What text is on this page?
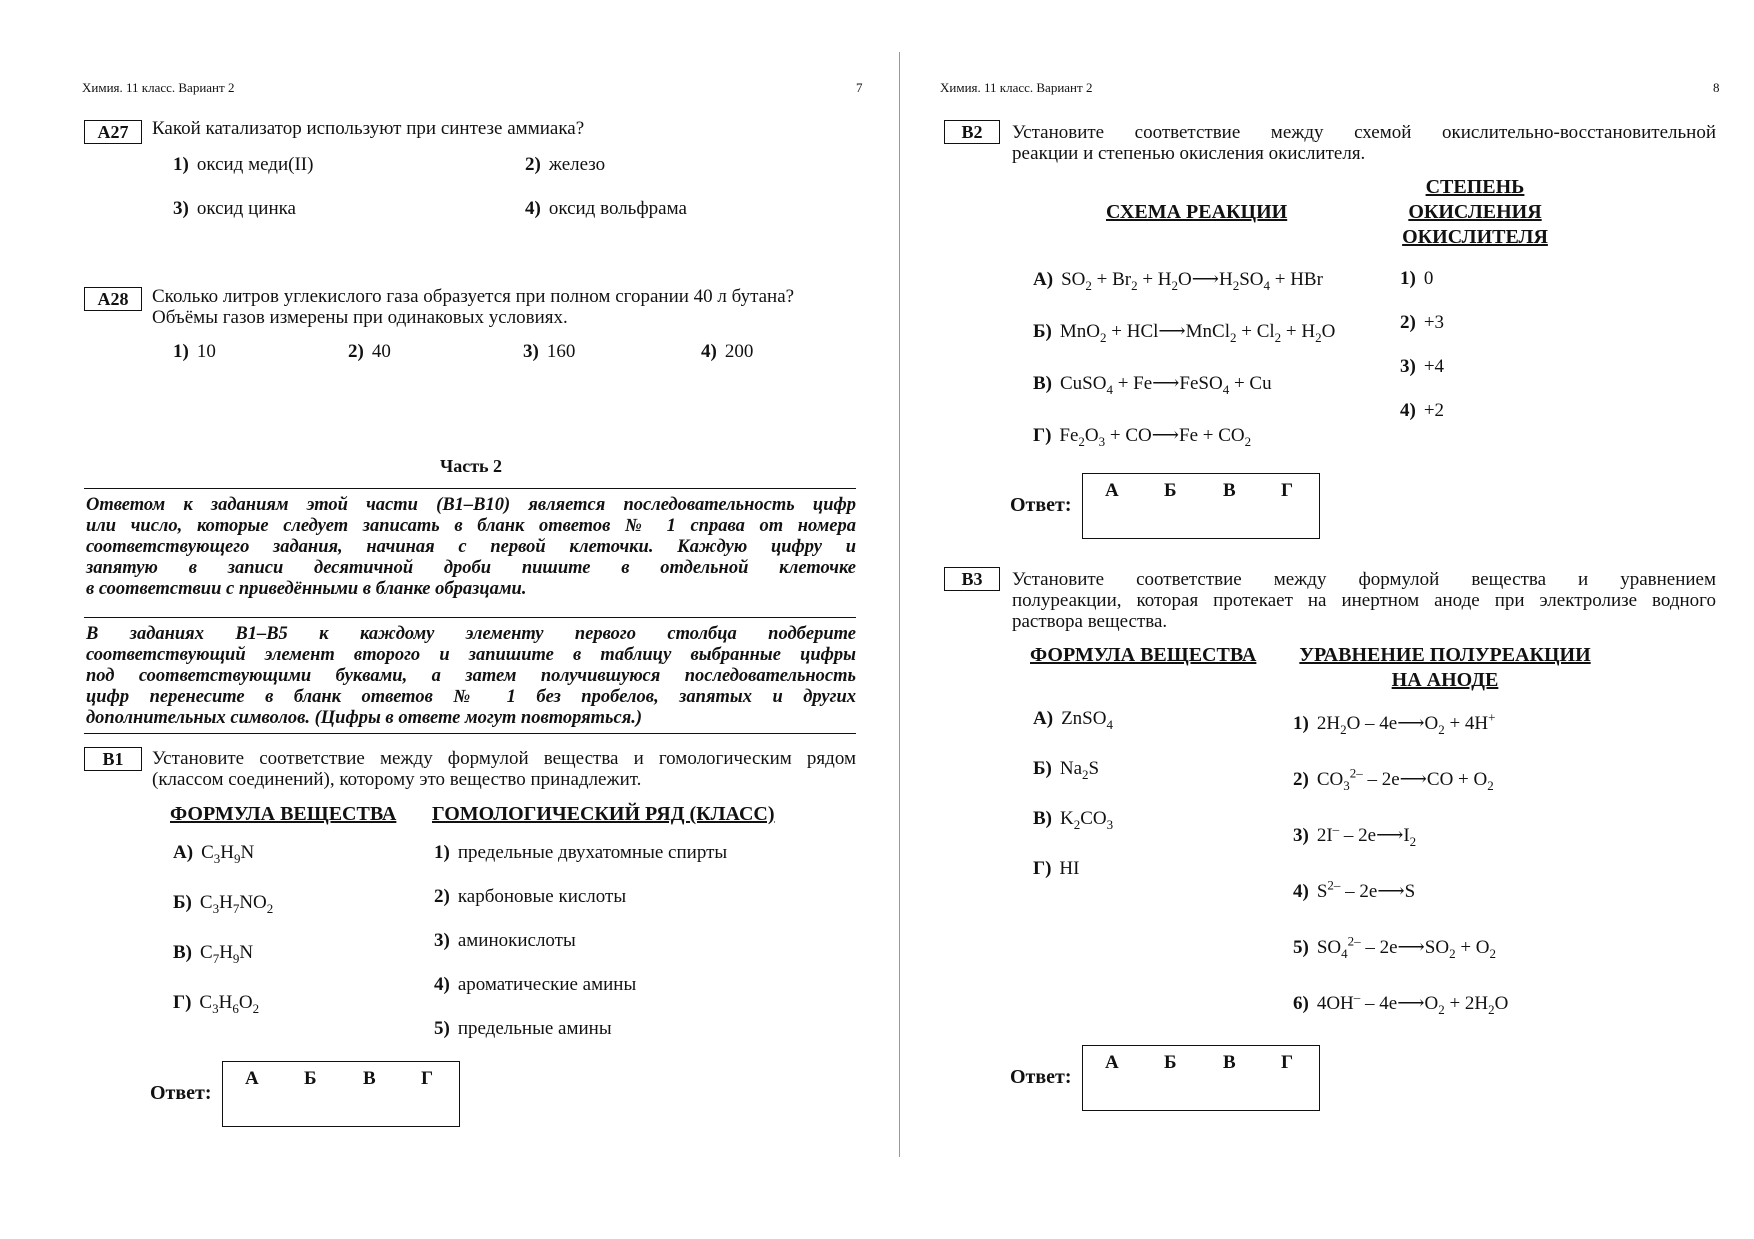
Химия. 11 класс. Вариант 2	7
А27	Какой катализатор используют при синтезе аммиака?
1) оксид меди(II)	2) железо
3) оксид цинка	4) оксид вольфрама
А28	Сколько литров углекислого газа образуется при полном сгорании 40 л бутана?
Объёмы газов измерены при одинаковых условиях.
1) 10	2) 40	3) 160	4) 200
Часть 2
Ответом к заданиям этой части (В1–В10) является последовательность цифр
или число, которые следует записать в бланк ответов № 1 справа от номера
соответствующего задания, начиная с первой клеточки. Каждую цифру и
запятую в записи десятичной дроби пишите в отдельной клеточке
в соответствии с приведёнными в бланке образцами.
В заданиях В1–В5 к каждому элементу первого столбца подберите
соответствующий элемент второго и запишите в таблицу выбранные цифры
под соответствующими буквами, а затем получившуюся последовательность
цифр перенесите в бланк ответов № 1 без пробелов, запятых и других
дополнительных символов. (Цифры в ответе могут повторяться.)
В1	Установите соответствие между формулой вещества и гомологическим рядом
(классом соединений), которому это вещество принадлежит.
ФОРМУЛА ВЕЩЕСТВА ГОМОЛОГИЧЕСКИЙ РЯД (КЛАСС)
А) $C_3H_9N$
Б) $C_3H_7NO_2$
В) $C_7H_9N$
Г) $C_3H_6O_2$
1) предельные двухатомные спирты
2) карбоновые кислоты
3) аминокислоты
4) ароматические амины
5) предельные амины
Ответ:
А Б В Г
Химия. 11 класс. Вариант 2	8
В2	Установите соответствие между схемой окислительно-восстановительной
реакции и степенью окисления окислителя.
СХЕМА РЕАКЦИИ
СТЕПЕНЬ
ОКИСЛЕНИЯ
ОКИСЛИТЕЛЯ
А) $SO_2 + Br_2$ + $H_2O⟶H_2SO_4$ + HBr
Б) MnO$_2$ + HCl⟶MnCl$_2$ + $Cl_2 + H_2O$
В) CuSO$_4$ + Fe⟶FeSO$_4$ + Cu
Г) $Fe_2O_3$ + CO⟶Fe + $CO_2$
1) 0
2) +3
3) +4
4) +2
Ответ:
А Б В Г
В3	Установите соответствие между формулой вещества и уравнением
полуреакции, которая протекает на инертном аноде при электролизе водного
раствора вещества.
ФОРМУЛА ВЕЩЕСТВА	УРАВНЕНИЕ ПОЛУРЕАКЦИИ
НА АНОДЕ
А) ZnSO$_4$
Б) $Na_2S$
В) $K_2CO_3$
Г) HI
1) $2H_2O$ – $4e⟶O_2 + 4H^+$
2) $CO_3^{2-}$ – 2e⟶CO + $O_2$
3) $2I^- - 2e⟶I_2$
4) $S^{2-}$ – 2e⟶S
5) $SO_4^{2-}$ – $2e⟶SO_2 + O_2$
6) $4OH^- - 4e⟶O_2 + 2H_2O$
Ответ:
А Б В Г
